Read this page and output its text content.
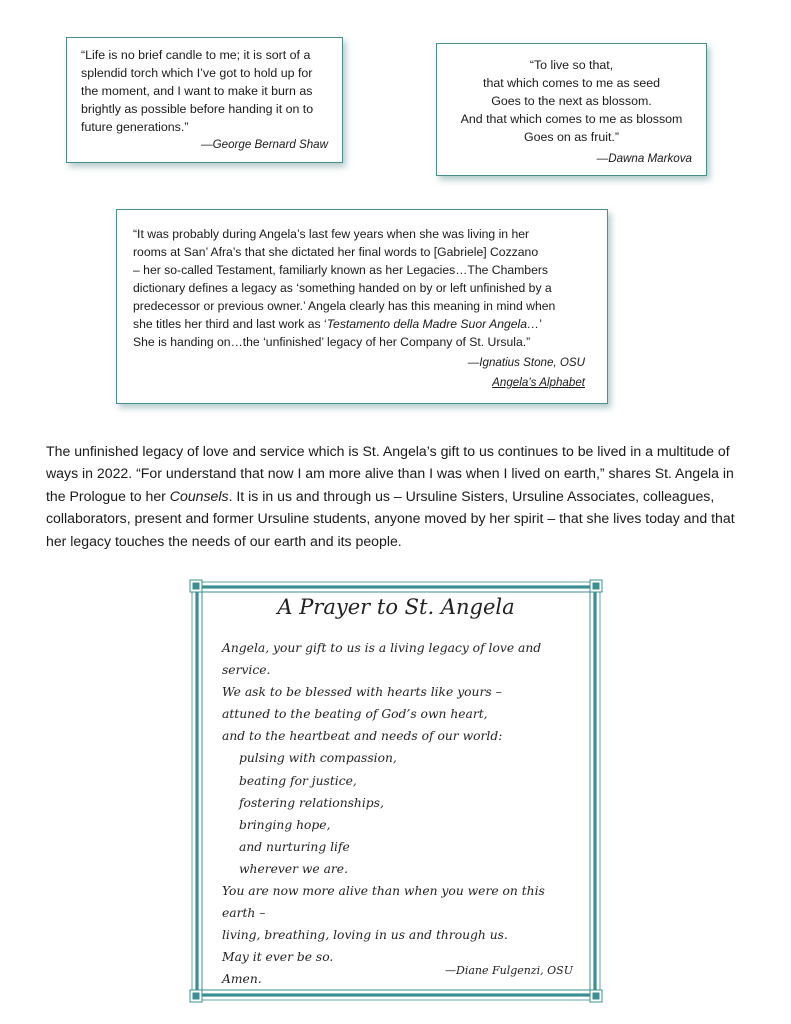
“Life is no brief candle to me; it is sort of a
splendid torch which I’ve got to hold up for
the moment, and I want to make it burn as
brightly as possible before handing it on to
future generations.”
—George Bernard Shaw
“To live so that,
that which comes to me as seed
Goes to the next as blossom.
And that which comes to me as blossom
Goes on as fruit.”
—Dawna Markova
“It was probably during Angela’s last few years when she was living in her
rooms at San’ Afra’s that she dictated her final words to [Gabriele] Cozzano
– her so-called Testament, familiarly known as her Legacies…The Chambers
dictionary defines a legacy as ‘something handed on by or left unfinished by a
predecessor or previous owner.’ Angela clearly has this meaning in mind when
she titles her third and last work as ‘Testamento della Madre Suor Angela…’
She is handing on…the ‘unfinished’ legacy of her Company of St. Ursula.”
—Ignatius Stone, OSU
Angela’s Alphabet
The unfinished legacy of love and service which is St. Angela’s gift to us continues to be lived in a multitude of ways in 2022. “For understand that now I am more alive than I was when I lived on earth,” shares St. Angela in the Prologue to her Counsels. It is in us and through us – Ursuline Sisters, Ursuline Associates, colleagues, collaborators, present and former Ursuline students, anyone moved by her spirit – that she lives today and that her legacy touches the needs of our earth and its people.
A Prayer to St. Angela
Angela, your gift to us is a living legacy of love and service.
We ask to be blessed with hearts like yours –
attuned to the beating of God’s own heart,
and to the heartbeat and needs of our world:
pulsing with compassion,
beating for justice,
fostering relationships,
bringing hope,
and nurturing life
wherever we are.
You are now more alive than when you were on this earth –
living, breathing, loving in us and through us.
May it ever be so.
Amen.
—Diane Fulgenzi, OSU
